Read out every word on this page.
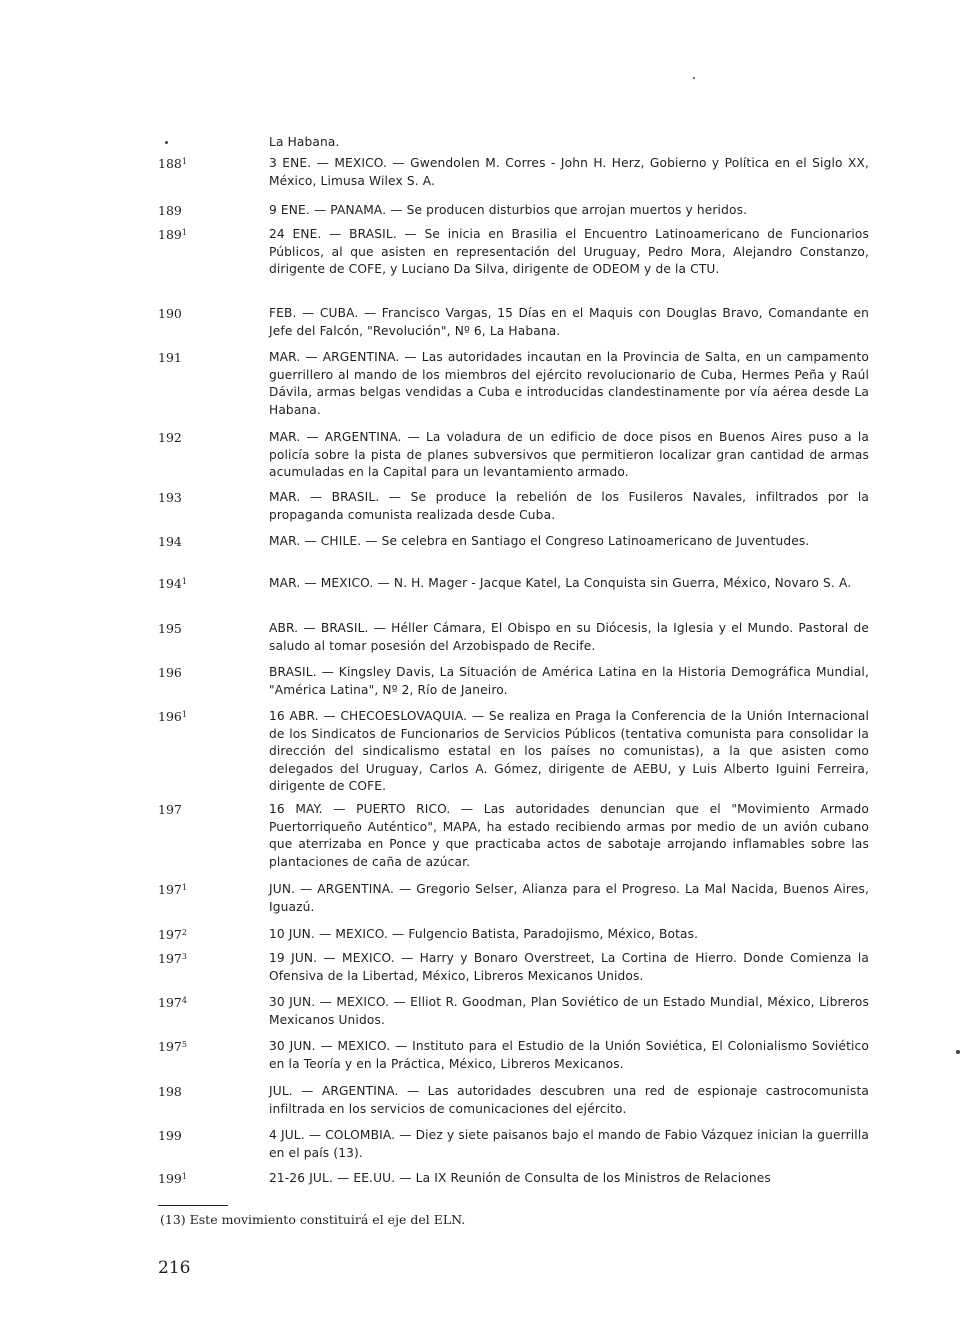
La Habana.
$188^1$	3 ENE. — MEXICO. — Gwendolen M. Corres - John H. Herz, Gobierno y Política en el Siglo XX, México, Limusa Wilex S. A.
189	9 ENE. — PANAMA. — Se producen disturbios que arrojan muertos y heridos.
$189^1$	24 ENE. — BRASIL. — Se inicia en Brasilia el Encuentro Latinoamericano de Funcionarios Públicos, al que asisten en representación del Uruguay, Pedro Mora, Alejandro Constanzo, dirigente de COFE, y Luciano Da Silva, dirigente de ODEOM y de la CTU.
190	FEB. — CUBA. — Francisco Vargas, 15 Días en el Maquis con Douglas Bravo, Comandante en Jefe del Falcón, "Revolución", Nº 6, La Habana.
191	MAR. — ARGENTINA. — Las autoridades incautan en la Provincia de Salta, en un campamento guerrillero al mando de los miembros del ejército revolucionario de Cuba, Hermes Peña y Raúl Dávila, armas belgas vendidas a Cuba e introducidas clandestinamente por vía aérea desde La Habana.
192	MAR. — ARGENTINA. — La voladura de un edificio de doce pisos en Buenos Aires puso a la policía sobre la pista de planes subversivos que permitieron localizar gran cantidad de armas acumuladas en la Capital para un levantamiento armado.
193	MAR. — BRASIL. — Se produce la rebelión de los Fusileros Navales, infiltrados por la propaganda comunista realizada desde Cuba.
194	MAR. — CHILE. — Se celebra en Santiago el Congreso Latinoamericano de Juventudes.
$194^1$	MAR. — MEXICO. — N. H. Mager - Jacque Katel, La Conquista sin Guerra, México, Novaro S. A.
195	ABR. — BRASIL. — Héller Cámara, El Obispo en su Diócesis, la Iglesia y el Mundo. Pastoral de saludo al tomar posesión del Arzobispado de Recife.
196	BRASIL. — Kingsley Davis, La Situación de América Latina en la Historia Demográfica Mundial, "América Latina", Nº 2, Río de Janeiro.
$196^1$	16 ABR. — CHECOESLOVAQUIA. — Se realiza en Praga la Conferencia de la Unión Internacional de los Sindicatos de Funcionarios de Servicios Públicos (tentativa comunista para consolidar la dirección del sindicalismo estatal en los países no comunistas), a la que asisten como delegados del Uruguay, Carlos A. Gómez, dirigente de AEBU, y Luis Alberto Iguini Ferreira, dirigente de COFE.
197	16 MAY. — PUERTO RICO. — Las autoridades denuncian que el "Movimiento Armado Puertorriqueño Auténtico", MAPA, ha estado recibiendo armas por medio de un avión cubano que aterrizaba en Ponce y que practicaba actos de sabotaje arrojando inflamables sobre las plantaciones de caña de azúcar.
$197^1$	JUN. — ARGENTINA. — Gregorio Selser, Alianza para el Progreso. La Mal Nacida, Buenos Aires, Iguazú.
$197^2$	10 JUN. — MEXICO. — Fulgencio Batista, Paradojismo, México, Botas.
$197^3$	19 JUN. — MEXICO. — Harry y Bonaro Overstreet, La Cortina de Hierro. Donde Comienza la Ofensiva de la Libertad, México, Libreros Mexicanos Unidos.
$197^4$	30 JUN. — MEXICO. — Elliot R. Goodman, Plan Soviético de un Estado Mundial, México, Libreros Mexicanos Unidos.
$197^5$	30 JUN. — MEXICO. — Instituto para el Estudio de la Unión Soviética, El Colonialismo Soviético en la Teoría y en la Práctica, México, Libreros Mexicanos.
198	JUL. — ARGENTINA. — Las autoridades descubren una red de espionaje castrocomunista infiltrada en los servicios de comunicaciones del ejército.
199	4 JUL. — COLOMBIA. — Diez y siete paisanos bajo el mando de Fabio Vázquez inician la guerrilla en el país (13).
$199^1$	21-26 JUL. — EE.UU. — La IX Reunión de Consulta de los Ministros de Relaciones
(13) Este movimiento constituirá el eje del ELN.
216
